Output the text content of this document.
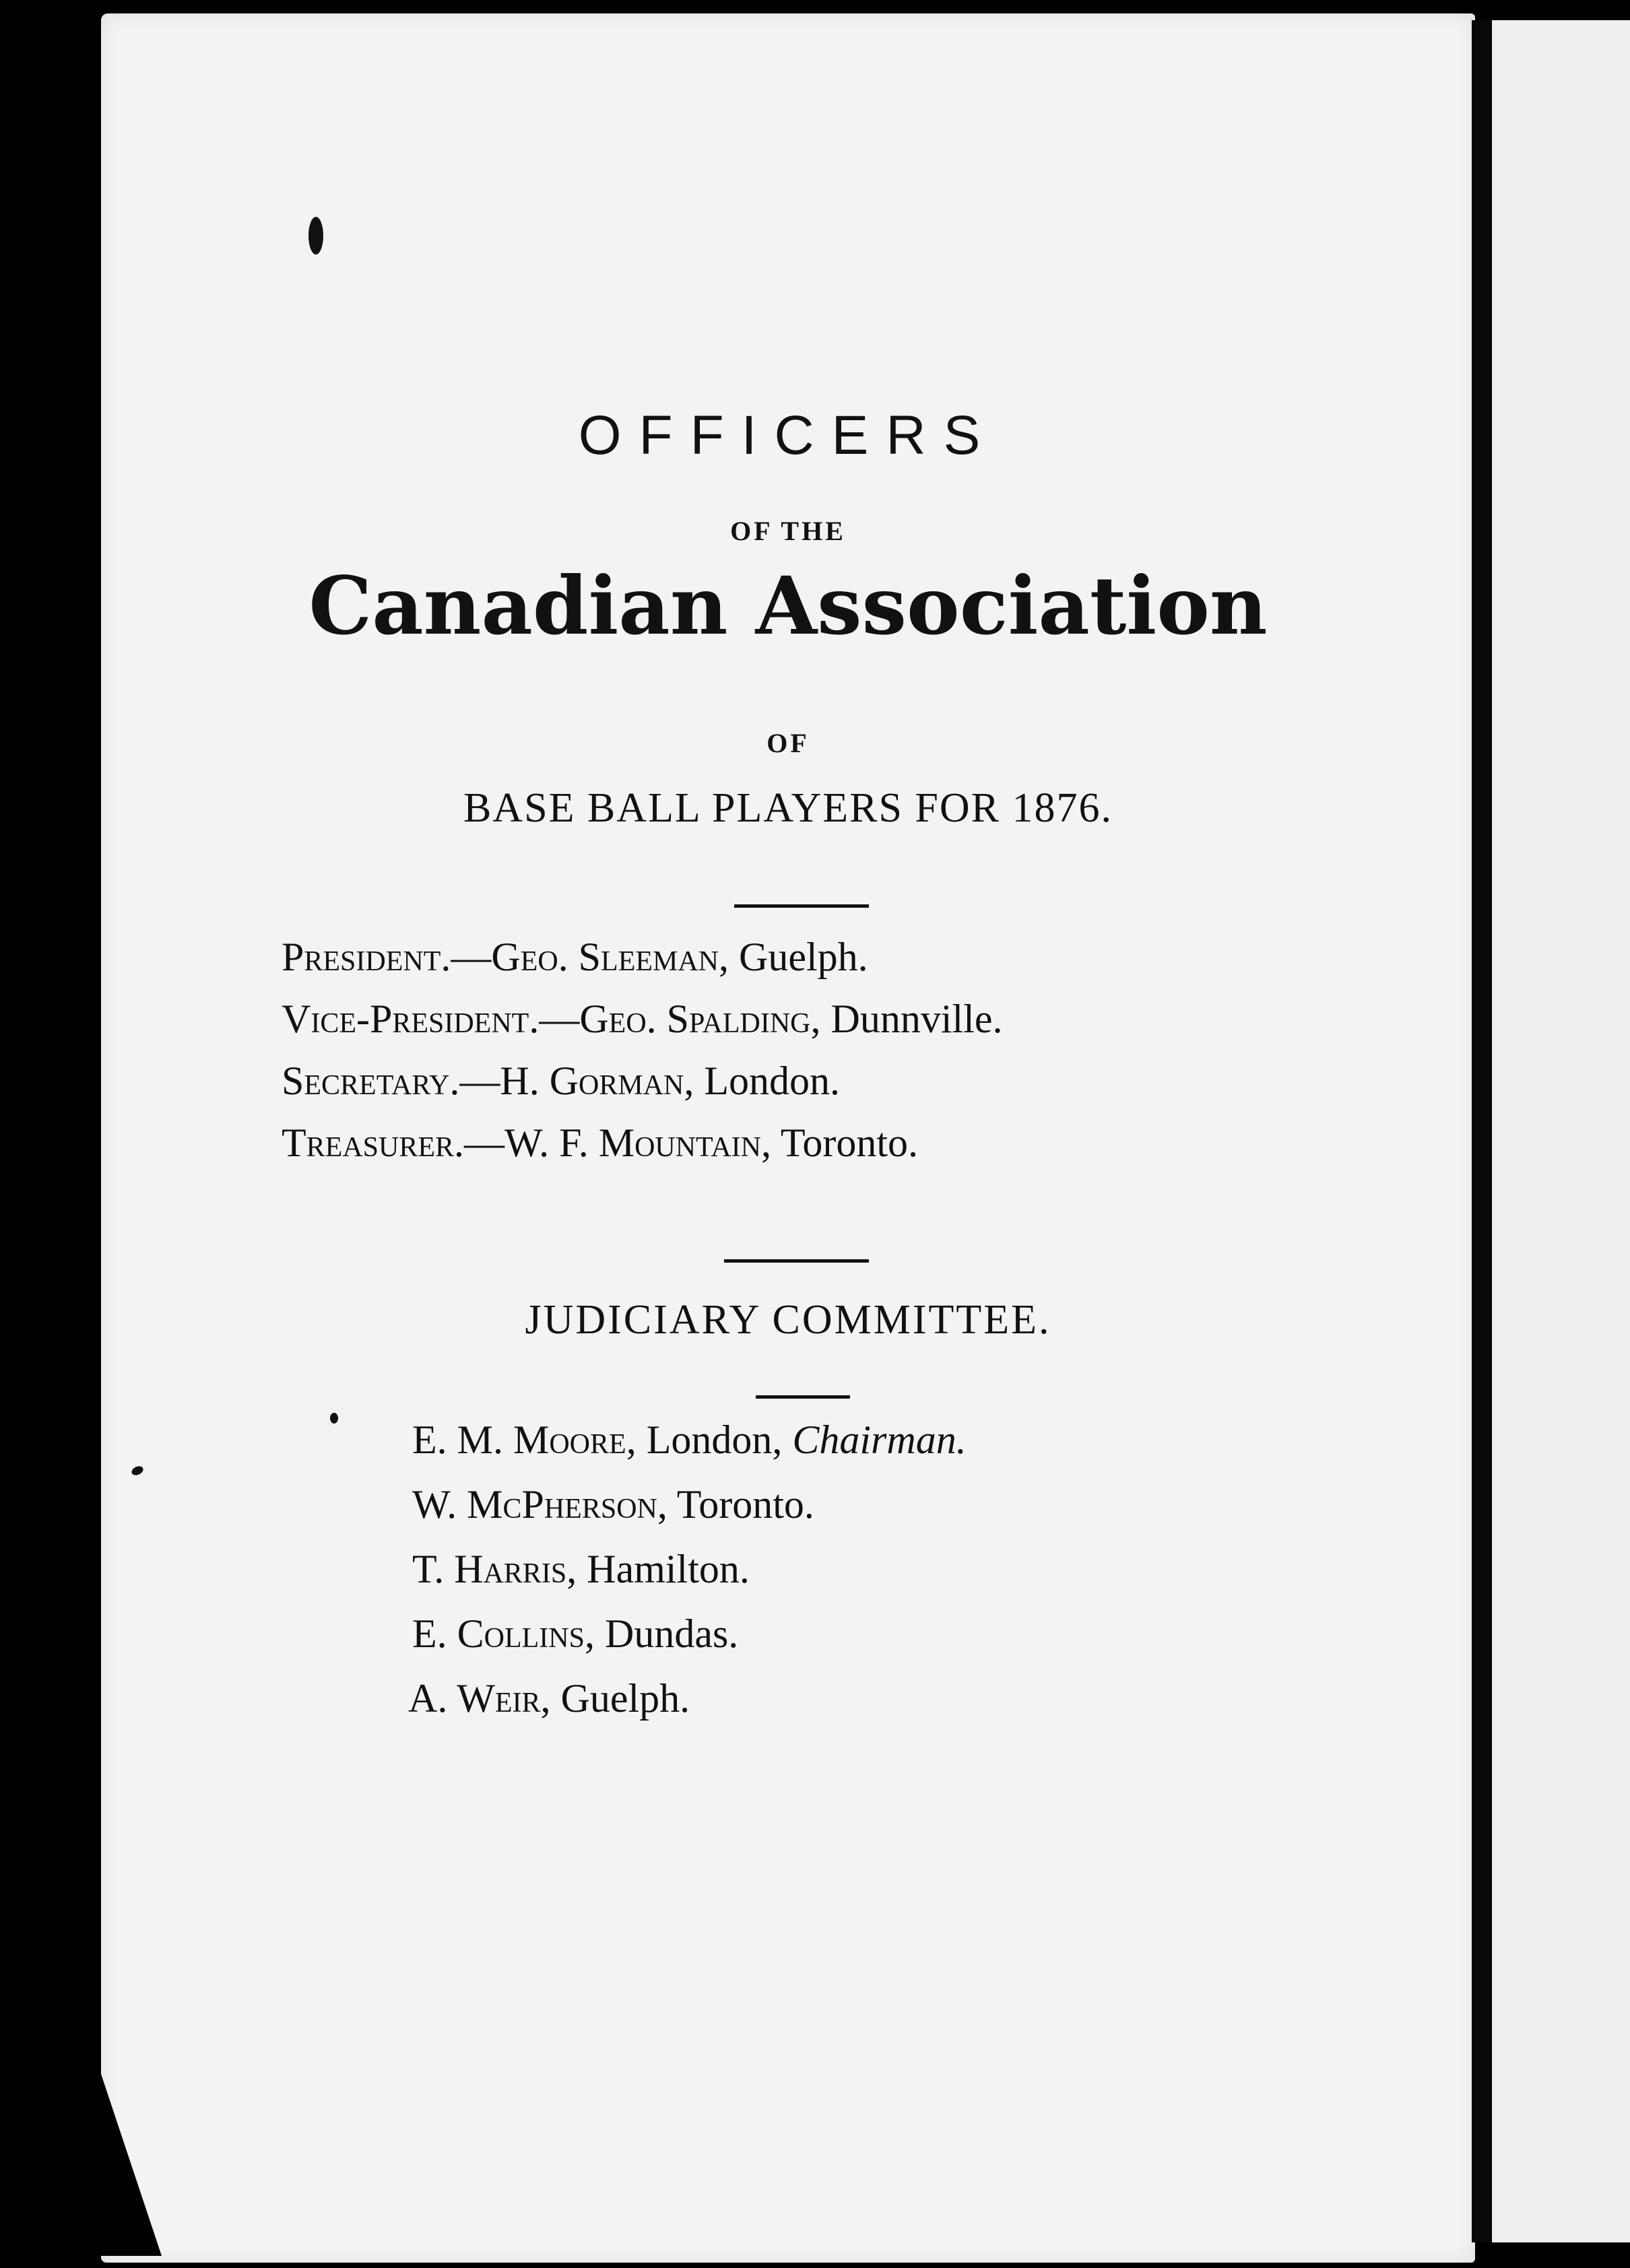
OFFICERS
OF THE
Canadian Association
OF
BASE BALL PLAYERS FOR 1876.
President.—Geo. Sleeman, Guelph.
Vice-President.—Geo. Spalding, Dunnville.
Secretary.—H. Gorman, London.
Treasurer.—W. F. Mountain, Toronto.
JUDICIARY COMMITTEE.
E. M. Moore, London, Chairman.
W. McPherson, Toronto.
T. Harris, Hamilton.
E. Collins, Dundas.
A. Weir, Guelph.
